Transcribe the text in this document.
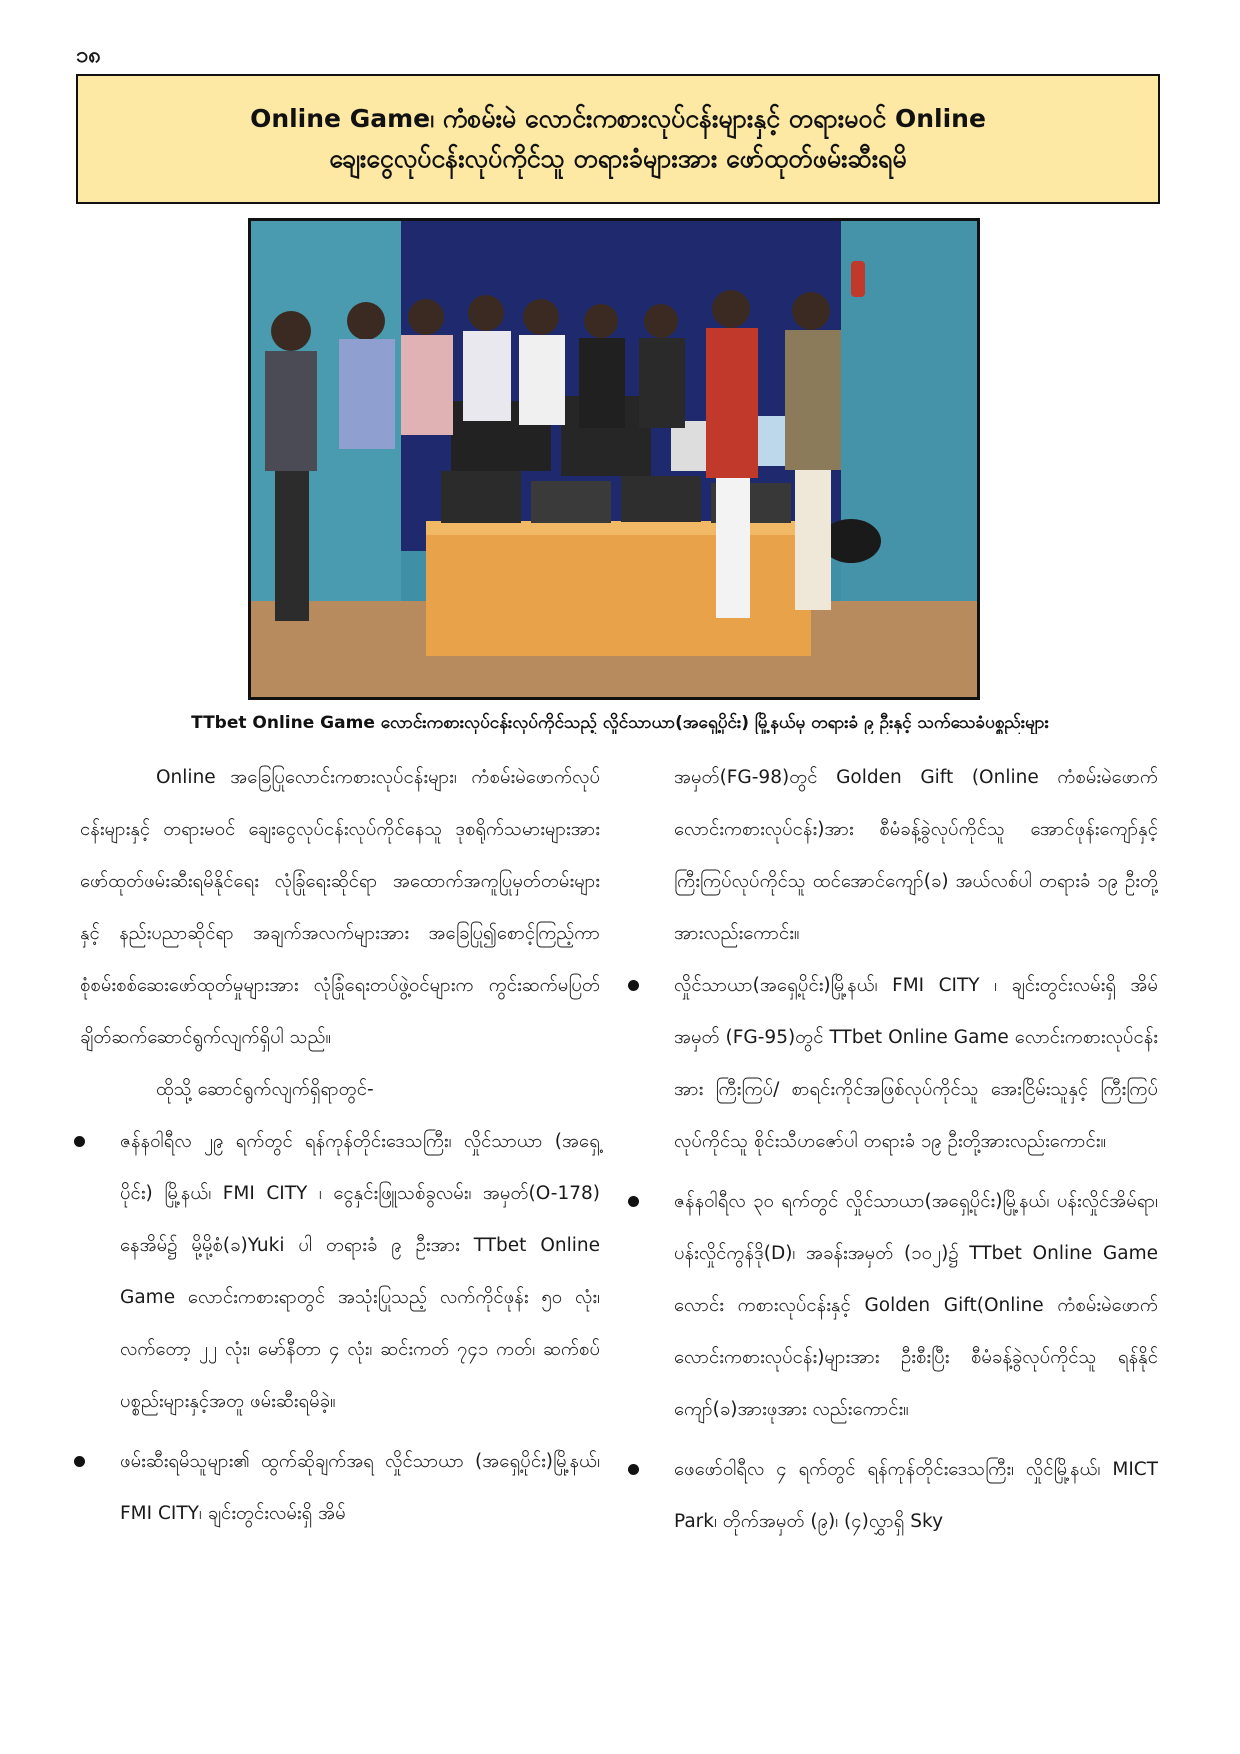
၁၈
Online Game၊ ကံစမ်းမဲ လောင်းကစားလုပ်ငန်းများနှင့် တရားမဝင် Online
ချေးငွေလုပ်ငန်းလုပ်ကိုင်သူ တရားခံများအား ဖော်ထုတ်ဖမ်းဆီးရမိ
TTbet Online Game လောင်းကစားလုပ်ငန်းလုပ်ကိုင်သည့် လှိုင်သာယာ(အရှေ့ပိုင်း) မြို့နယ်မှ တရားခံ ၉ ဦးနှင့် သက်သေခံပစ္စည်းများ

Online အခြေပြုလောင်းကစားလုပ်ငန်းများ၊ ကံစမ်းမဲဖောက်လုပ်ငန်းများနှင့် တရားမဝင် ချေးငွေလုပ်ငန်းလုပ်ကိုင်နေသူ ဒုစရိုက်သမားများအား ဖော်ထုတ်ဖမ်းဆီးရမိနိုင်ရေး လုံခြုံရေးဆိုင်ရာ အထောက်အကူပြုမှတ်တမ်းများနှင့် နည်းပညာဆိုင်ရာ အချက်အလက်များအား အခြေပြု၍စောင့်ကြည့်ကာ စုံစမ်းစစ်ဆေးဖော်ထုတ်မှုများအား လုံခြုံရေးတပ်ဖွဲ့ဝင်များက ကွင်းဆက်မပြတ် ချိတ်ဆက်ဆောင်ရွက်လျက်ရှိပါ သည်။

ထိုသို့ ဆောင်ရွက်လျက်ရှိရာတွင်-

ဇန်နဝါရီလ ၂၉ ရက်တွင် ရန်ကုန်တိုင်းဒေသကြီး၊ လှိုင်သာယာ (အရှေ့ပိုင်း) မြို့နယ်၊ FMI CITY ၊ ငွေနှင်းဖြူသစ်ခွလမ်း၊ အမှတ်(O-178) နေအိမ်၌ မို့မို့စံ(ခ)Yuki ပါ တရားခံ ၉ ဦးအား TTbet Online Game လောင်းကစားရာတွင် အသုံးပြုသည့် လက်ကိုင်ဖုန်း ၅၀ လုံး၊ လက်တော့ ၂၂ လုံး၊ မော်နီတာ ၄ လုံး၊ ဆင်းကတ် ၇၄၁ ကတ်၊ ဆက်စပ်ပစ္စည်းများနှင့်အတူ ဖမ်းဆီးရမိခဲ့။

ဖမ်းဆီးရမိသူများ၏ ထွက်ဆိုချက်အရ လှိုင်သာယာ (အရှေ့ပိုင်း)မြို့နယ်၊ FMI CITY၊ ချင်းတွင်းလမ်းရှိ အိမ်

အမှတ်(FG-98)တွင် Golden Gift (Online ကံစမ်းမဲဖောက်လောင်းကစားလုပ်ငန်း)အား စီမံခန့်ခွဲလုပ်ကိုင်သူ အောင်ဖုန်းကျော်နှင့် ကြီးကြပ်လုပ်ကိုင်သူ ထင်အောင်ကျော်(ခ) အယ်လစ်ပါ တရားခံ ၁၉ ဦးတို့အားလည်းကောင်း။

လှိုင်သာယာ(အရှေ့ပိုင်း)မြို့နယ်၊ FMI CITY ၊ ချင်းတွင်းလမ်းရှိ အိမ်အမှတ် (FG-95)တွင် TTbet Online Game လောင်းကစားလုပ်ငန်းအား ကြီးကြပ်/ စာရင်းကိုင်အဖြစ်လုပ်ကိုင်သူ အေးငြိမ်းသူနှင့် ကြီးကြပ်လုပ်ကိုင်သူ စိုင်းသီဟဇော်ပါ တရားခံ ၁၉ ဦးတို့အားလည်းကောင်း။

ဇန်နဝါရီလ ၃၀ ရက်တွင် လှိုင်သာယာ(အရှေ့ပိုင်း)မြို့နယ်၊ ပန်းလှိုင်အိမ်ရာ၊ ပန်းလှိုင်ကွန်ဒို(D)၊ အခန်းအမှတ် (၁၀၂)၌ TTbet Online Game လောင်း ကစားလုပ်ငန်းနှင့် Golden Gift(Online ကံစမ်းမဲဖောက်လောင်းကစားလုပ်ငန်း)များအား ဦးစီးပြီး စီမံခန့်ခွဲလုပ်ကိုင်သူ ရန်နိုင်ကျော်(ခ)အားဖုအား လည်းကောင်း။

ဖေဖော်ဝါရီလ ၄ ရက်တွင် ရန်ကုန်တိုင်းဒေသကြီး၊ လှိုင်မြို့နယ်၊ MICT Park၊ တိုက်အမှတ် (၉)၊ (၄)လွှာရှိ Sky
